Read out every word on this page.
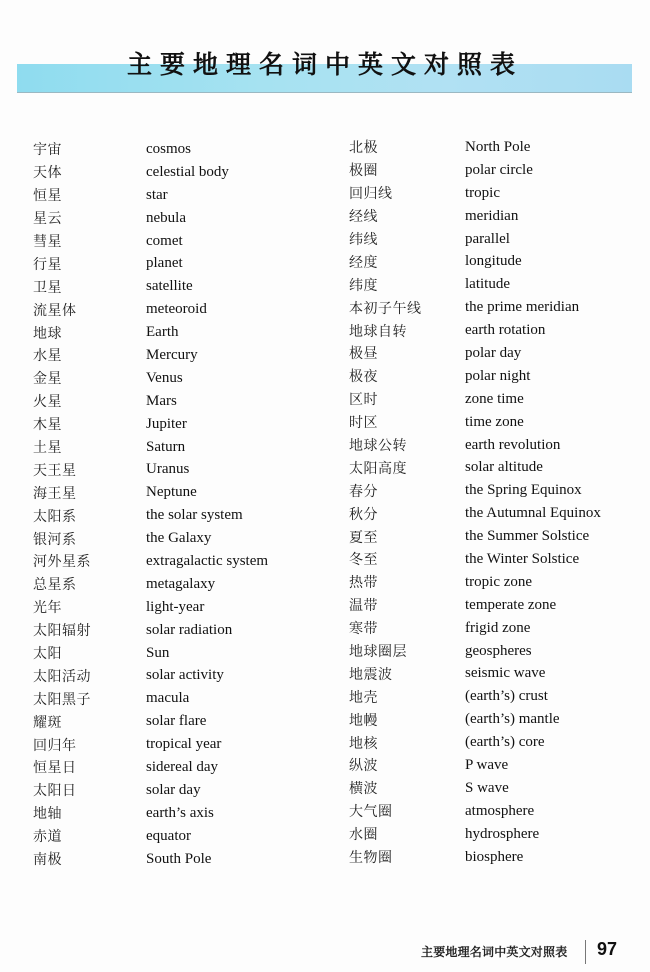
主要地理名词中英文对照表
宇宙	cosmos
天体	celestial body
恒星	star
星云	nebula
彗星	comet
行星	planet
卫星	satellite
流星体	meteoroid
地球	Earth
水星	Mercury
金星	Venus
火星	Mars
木星	Jupiter
土星	Saturn
天王星	Uranus
海王星	Neptune
太阳系	the solar system
银河系	the Galaxy
河外星系	extragalactic system
总星系	metagalaxy
光年	light-year
太阳辐射	solar radiation
太阳	Sun
太阳活动	solar activity
太阳黑子	macula
耀斑	solar flare
回归年	tropical year
恒星日	sidereal day
太阳日	solar day
地轴	earth’s axis
赤道	equator
南极	South Pole
北极	North Pole
极圈	polar circle
回归线	tropic
经线	meridian
纬线	parallel
经度	longitude
纬度	latitude
本初子午线	the prime meridian
地球自转	earth rotation
极昼	polar day
极夜	polar night
区时	zone time
时区	time zone
地球公转	earth revolution
太阳高度	solar altitude
春分	the Spring Equinox
秋分	the Autumnal Equinox
夏至	the Summer Solstice
冬至	the Winter Solstice
热带	tropic zone
温带	temperate zone
寒带	frigid zone
地球圈层	geospheres
地震波	seismic wave
地壳	(earth’s) crust
地幔	(earth’s) mantle
地核	(earth’s) core
纵波	P wave
横波	S wave
大气圈	atmosphere
水圈	hydrosphere
生物圈	biosphere
主要地理名词中英文对照表 97
